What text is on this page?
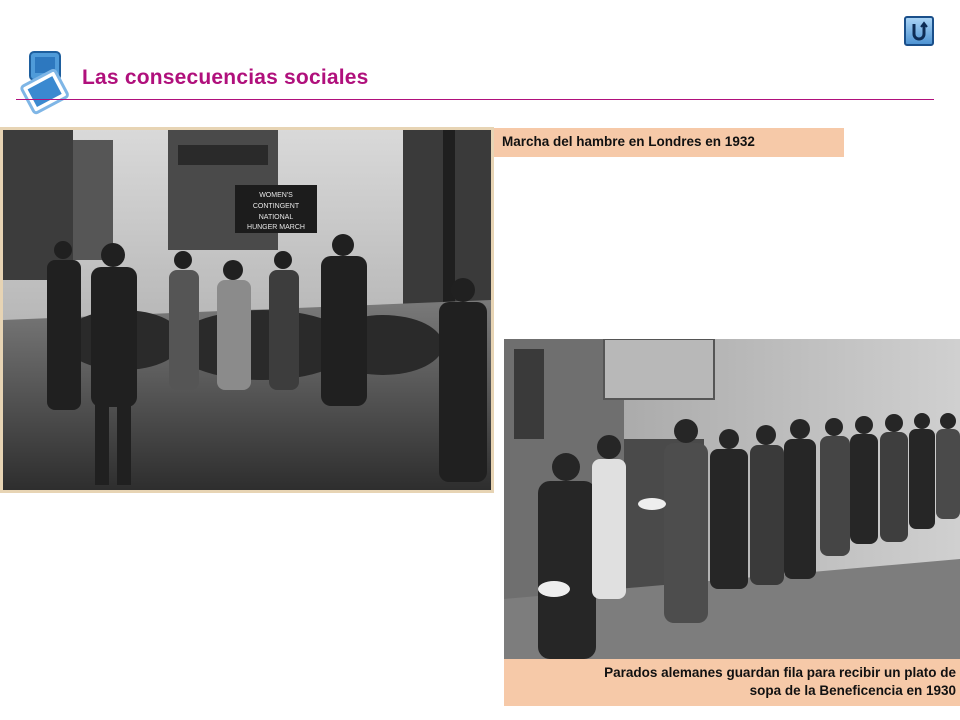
Las consecuencias sociales
WOMEN'S
CONTINGENT
NATIONAL
HUNGER MARCH
Marcha del hambre en Londres en 1932
Parados alemanes guardan fila para recibir un plato de
sopa de la Beneficencia en 1930
